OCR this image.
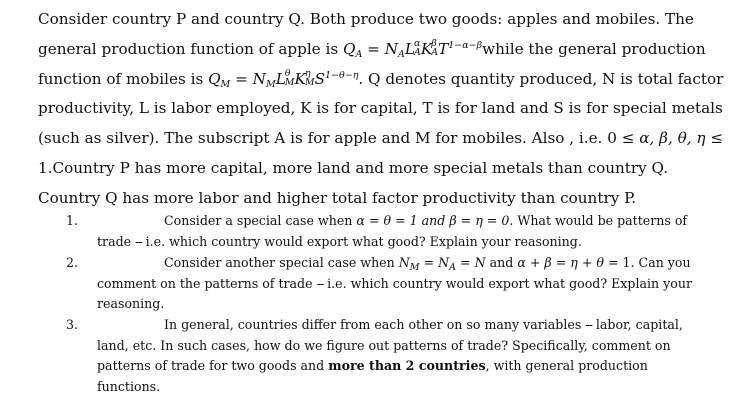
Consider country P and country Q. Both produce two goods: apples and mobiles. The general production function of apple is $Q_A = N_AL$ α
A K β
A $T^{1-\alpha-\beta}while$ the general production function of mobiles is $Q_M = N_ML$ θ
M K η
M $S^{1-\theta-\eta}$. Q denotes quantity produced, N is total factor productivity, L is labor employed, K is for capital, T is for land and S is for special metals (such as silver). The subscript A is for apple and M for mobiles. Also , i.e. 0 ≤ α, β, θ, η ≤
1.Country P has more capital, more land and more special metals than country Q. Country Q has more labor and higher total factor productivity than country P.

1.	Consider a special case when α = θ = 1 and β = η = 0. What would be patterns of trade -- i.e. which country would export what good? Explain your reasoning.

2.	Consider another special case when $N_M = N_A = N$ and α + β = η + θ = 1. Can you comment on the patterns of trade -- i.e. which country would export what good? Explain your reasoning.

3.	In general, countries differ from each other on so many variables -- labor, capital, land, etc. In such cases, how do we figure out patterns of trade? Specifically, comment on patterns of trade for two goods and more than 2 countries, with general production functions.
